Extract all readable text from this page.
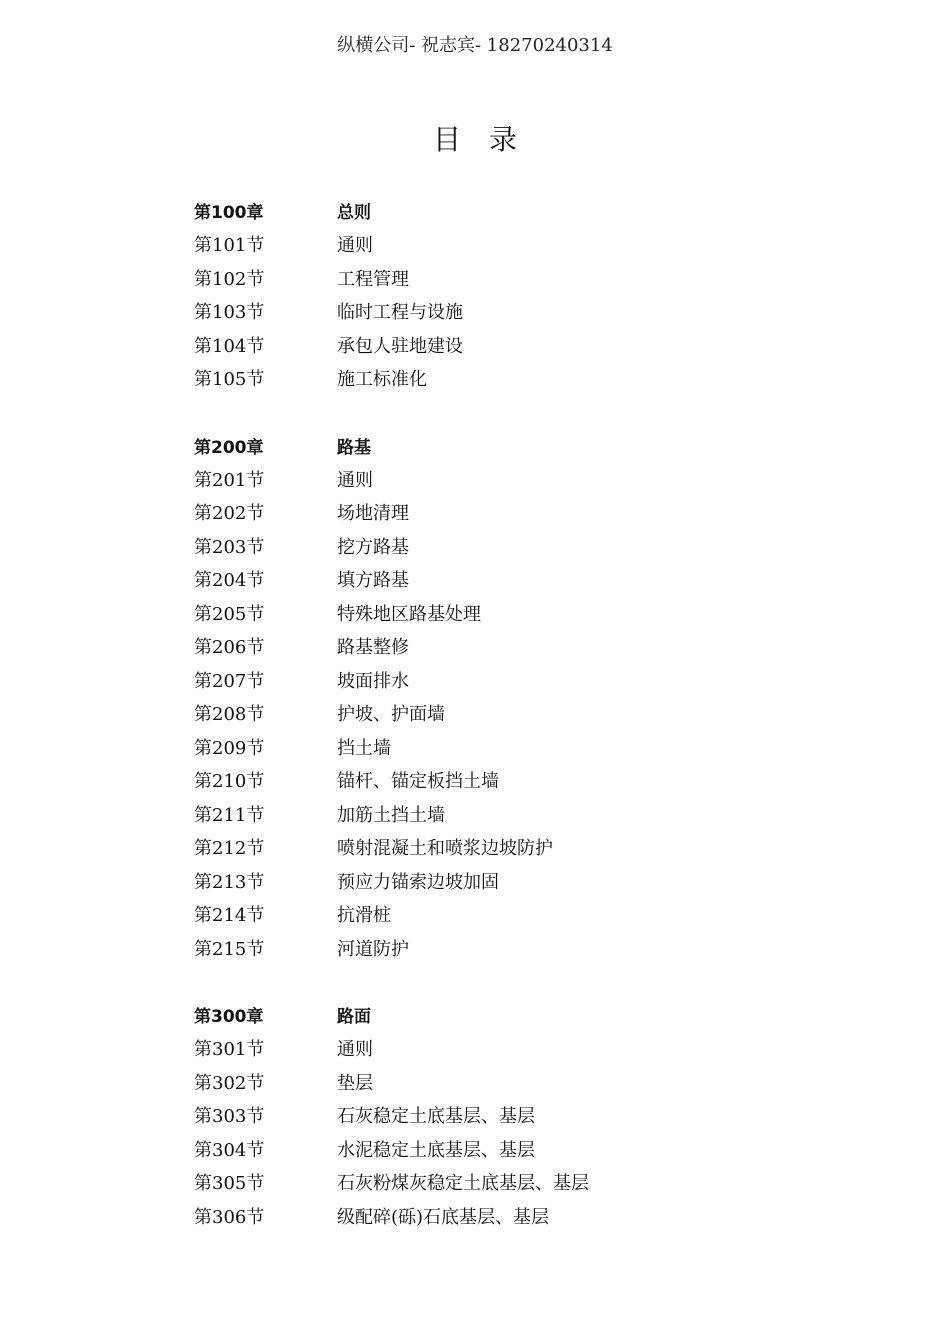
纵横公司- 祝志宾- 18270240314
目录
第100章	总则
第101节	通则
第102节	工程管理
第103节	临时工程与设施
第104节	承包人驻地建设
第105节	施工标准化
第200章	路基
第201节	通则
第202节	场地清理
第203节	挖方路基
第204节	填方路基
第205节	特殊地区路基处理
第206节	路基整修
第207节	坡面排水
第208节	护坡、护面墙
第209节	挡土墙
第210节	锚杆、锚定板挡土墙
第211节	加筋土挡土墙
第212节	喷射混凝土和喷浆边坡防护
第213节	预应力锚索边坡加固
第214节	抗滑桩
第215节	河道防护
第300章	路面
第301节	通则
第302节	垫层
第303节	石灰稳定土底基层、基层
第304节	水泥稳定土底基层、基层
第305节	石灰粉煤灰稳定土底基层、基层
第306节	级配碎(砾)石底基层、基层
